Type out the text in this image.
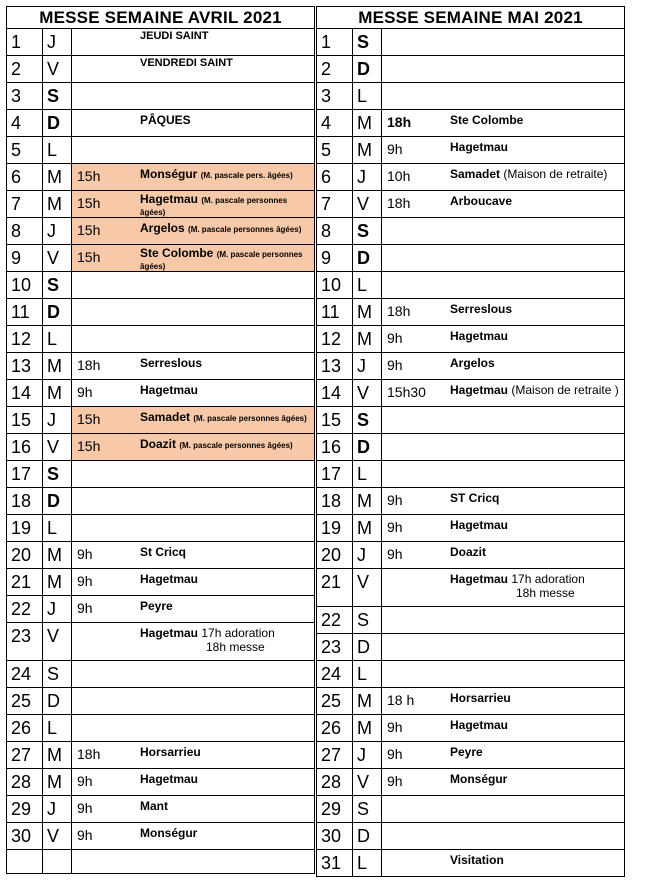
MESSE SEMAINE AVRIL 2021
1	J	JEUDI SAINT

2	V	VENDREDI SAINT

3	S	
4	D	PÂQUES

5	L	
6	M	15h Monségur (M. pascale pers. âgées)

7	M	15h Hagetmau (M. pascale personnes âgées)

8	J	15h Argelos (M. pascale personnes âgées)

9	V	15h Ste Colombe (M. pascale personnes âgées)

10	S	
11	D	
12	L	
13	M	18h Serreslous

14	M	9h Hagetmau

15	J	15h Samadet (M. pascale personnes âgées)

16	V	15h Doazit (M. pascale personnes âgées)

17	S	
18	D	
19	L	
20	M	9h St Cricq

21	M	9h Hagetmau

22	J	9h Peyre

23	V	Hagetmau 17h adoration
18h messe

24	S	
25	D	
26	L	
27	M	18h Horsarrieu

28	M	9h Hagetmau

29	J	9h Mant

30	V	9h Monségur

MESSE SEMAINE MAI 2021
1	S	
2	D	
3	L	
4	M	18h Ste Colombe

5	M	9h Hagetmau

6	J	10h Samadet (Maison de retraite)

7	V	18h Arboucave

8	S	
9	D	
10	L	
11	M	18h Serreslous

12	M	9h Hagetmau

13	J	9h Argelos

14	V	15h30 Hagetmau (Maison de retraite )

15	S	
16	D	
17	L	
18	M	9h ST Cricq

19	M	9h Hagetmau

20	J	9h Doazit

21	V	Hagetmau 17h adoration
18h messe

22	S	
23	D	
24	L	
25	M	18 h Horsarrieu

26	M	9h Hagetmau

27	J	9h Peyre

28	V	9h Monségur

29	S	
30	D	
31	L	Visitation
